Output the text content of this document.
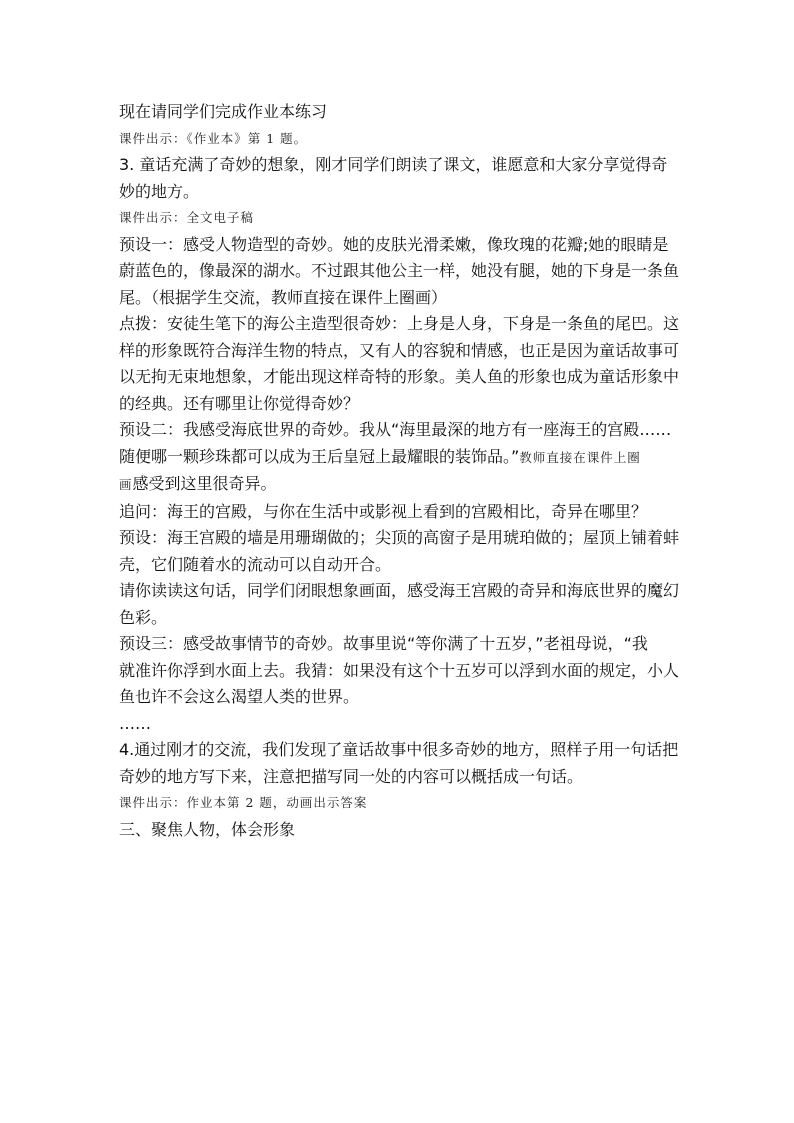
现在请同学们完成作业本练习
课件出示：《作业本》第 1 题。
3. 童话充满了奇妙的想象，刚才同学们朗读了课文，谁愿意和大家分享觉得奇
妙的地方。
课件出示：全文电子稿
预设一：感受人物造型的奇妙。她的皮肤光滑柔嫩，像玫瑰的花瓣;她的眼睛是
蔚蓝色的，像最深的湖水。不过跟其他公主一样，她没有腿，她的下身是一条鱼
尾。（根据学生交流，教师直接在课件上圈画）
点拨：安徒生笔下的海公主造型很奇妙：上身是人身，下身是一条鱼的尾巴。这
样的形象既符合海洋生物的特点，又有人的容貌和情感，也正是因为童话故事可
以无拘无束地想象，才能出现这样奇特的形象。美人鱼的形象也成为童话形象中
的经典。还有哪里让你觉得奇妙？
预设二：我感受海底世界的奇妙。我从“海里最深的地方有一座海王的宫殿……
随便哪一颗珍珠都可以成为王后皇冠上最耀眼的装饰品。”教师直接在课件上圈
画感受到这里很奇异。
追问：海王的宫殿，与你在生活中或影视上看到的宫殿相比，奇异在哪里？
预设：海王宫殿的墙是用珊瑚做的；尖顶的高窗子是用琥珀做的；屋顶上铺着蚌
壳，它们随着水的流动可以自动开合。
请你读读这句话，同学们闭眼想象画面，感受海王宫殿的奇异和海底世界的魔幻
色彩。
预设三：感受故事情节的奇妙。故事里说“等你满了十五岁，”老祖母说，“我
就准许你浮到水面上去。我猜：如果没有这个十五岁可以浮到水面的规定，小人
鱼也许不会这么渴望人类的世界。
……
4.通过刚才的交流，我们发现了童话故事中很多奇妙的地方，照样子用一句话把
奇妙的地方写下来，注意把描写同一处的内容可以概括成一句话。
课件出示：作业本第 2 题，动画出示答案
三、聚焦人物，体会形象
